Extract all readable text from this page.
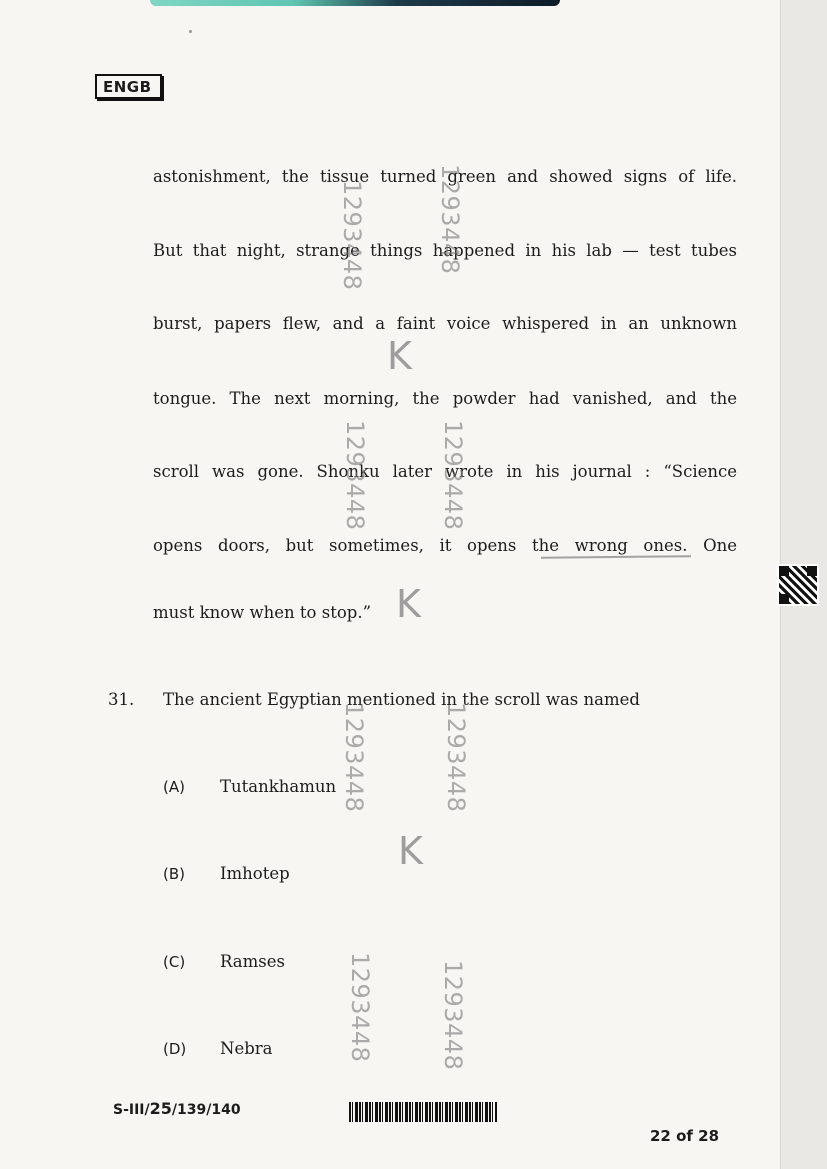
ENGB
astonishment, the tissue turned green and showed signs of life.
But that night, strange things happened in his lab — test tubes
burst, papers flew, and a faint voice whispered in an unknown
tongue. The next morning, the powder had vanished, and the
scroll was gone. Shonku later wrote in his journal : “Science
opens doors, but sometimes, it opens the wrong ones. One
must know when to stop.”
31. The ancient Egyptian mentioned in the scroll was named
(A) Tutankhamun
(B) Imhotep
(C) Ramses
(D) Nebra
1293448	1293448
1293448	1293448
1293448	1293448
1293448	1293448
K
K
K
S-III/25/139/140
22 of 28
